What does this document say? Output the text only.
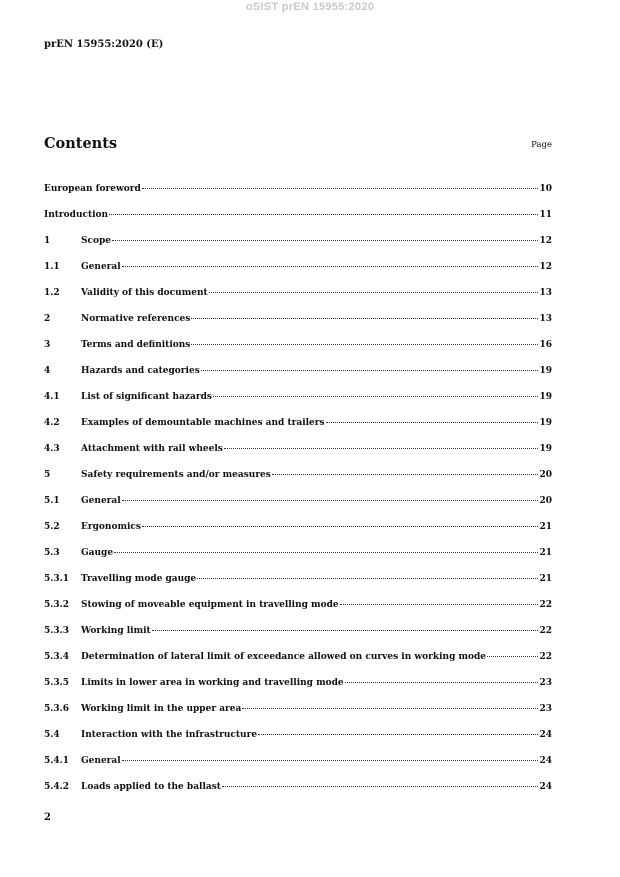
oSIST prEN 15955:2020
prEN 15955:2020 (E)
Contents	Page
European foreword	10
Introduction	11
1	Scope	12
1.1	General	12
1.2	Validity of this document	13
2	Normative references	13
3	Terms and definitions	16
4	Hazards and categories	19
4.1	List of significant hazards	19
4.2	Examples of demountable machines and trailers	19
4.3	Attachment with rail wheels	19
5	Safety requirements and/or measures	20
5.1	General	20
5.2	Ergonomics	21
5.3	Gauge	21
5.3.1	Travelling mode gauge	21
5.3.2	Stowing of moveable equipment in travelling mode	22
5.3.3	Working limit	22
5.3.4	Determination of lateral limit of exceedance allowed on curves in working mode	22
5.3.5	Limits in lower area in working and travelling mode	23
5.3.6	Working limit in the upper area	23
5.4	Interaction with the infrastructure	24
5.4.1	General	24
5.4.2	Loads applied to the ballast	24
2
